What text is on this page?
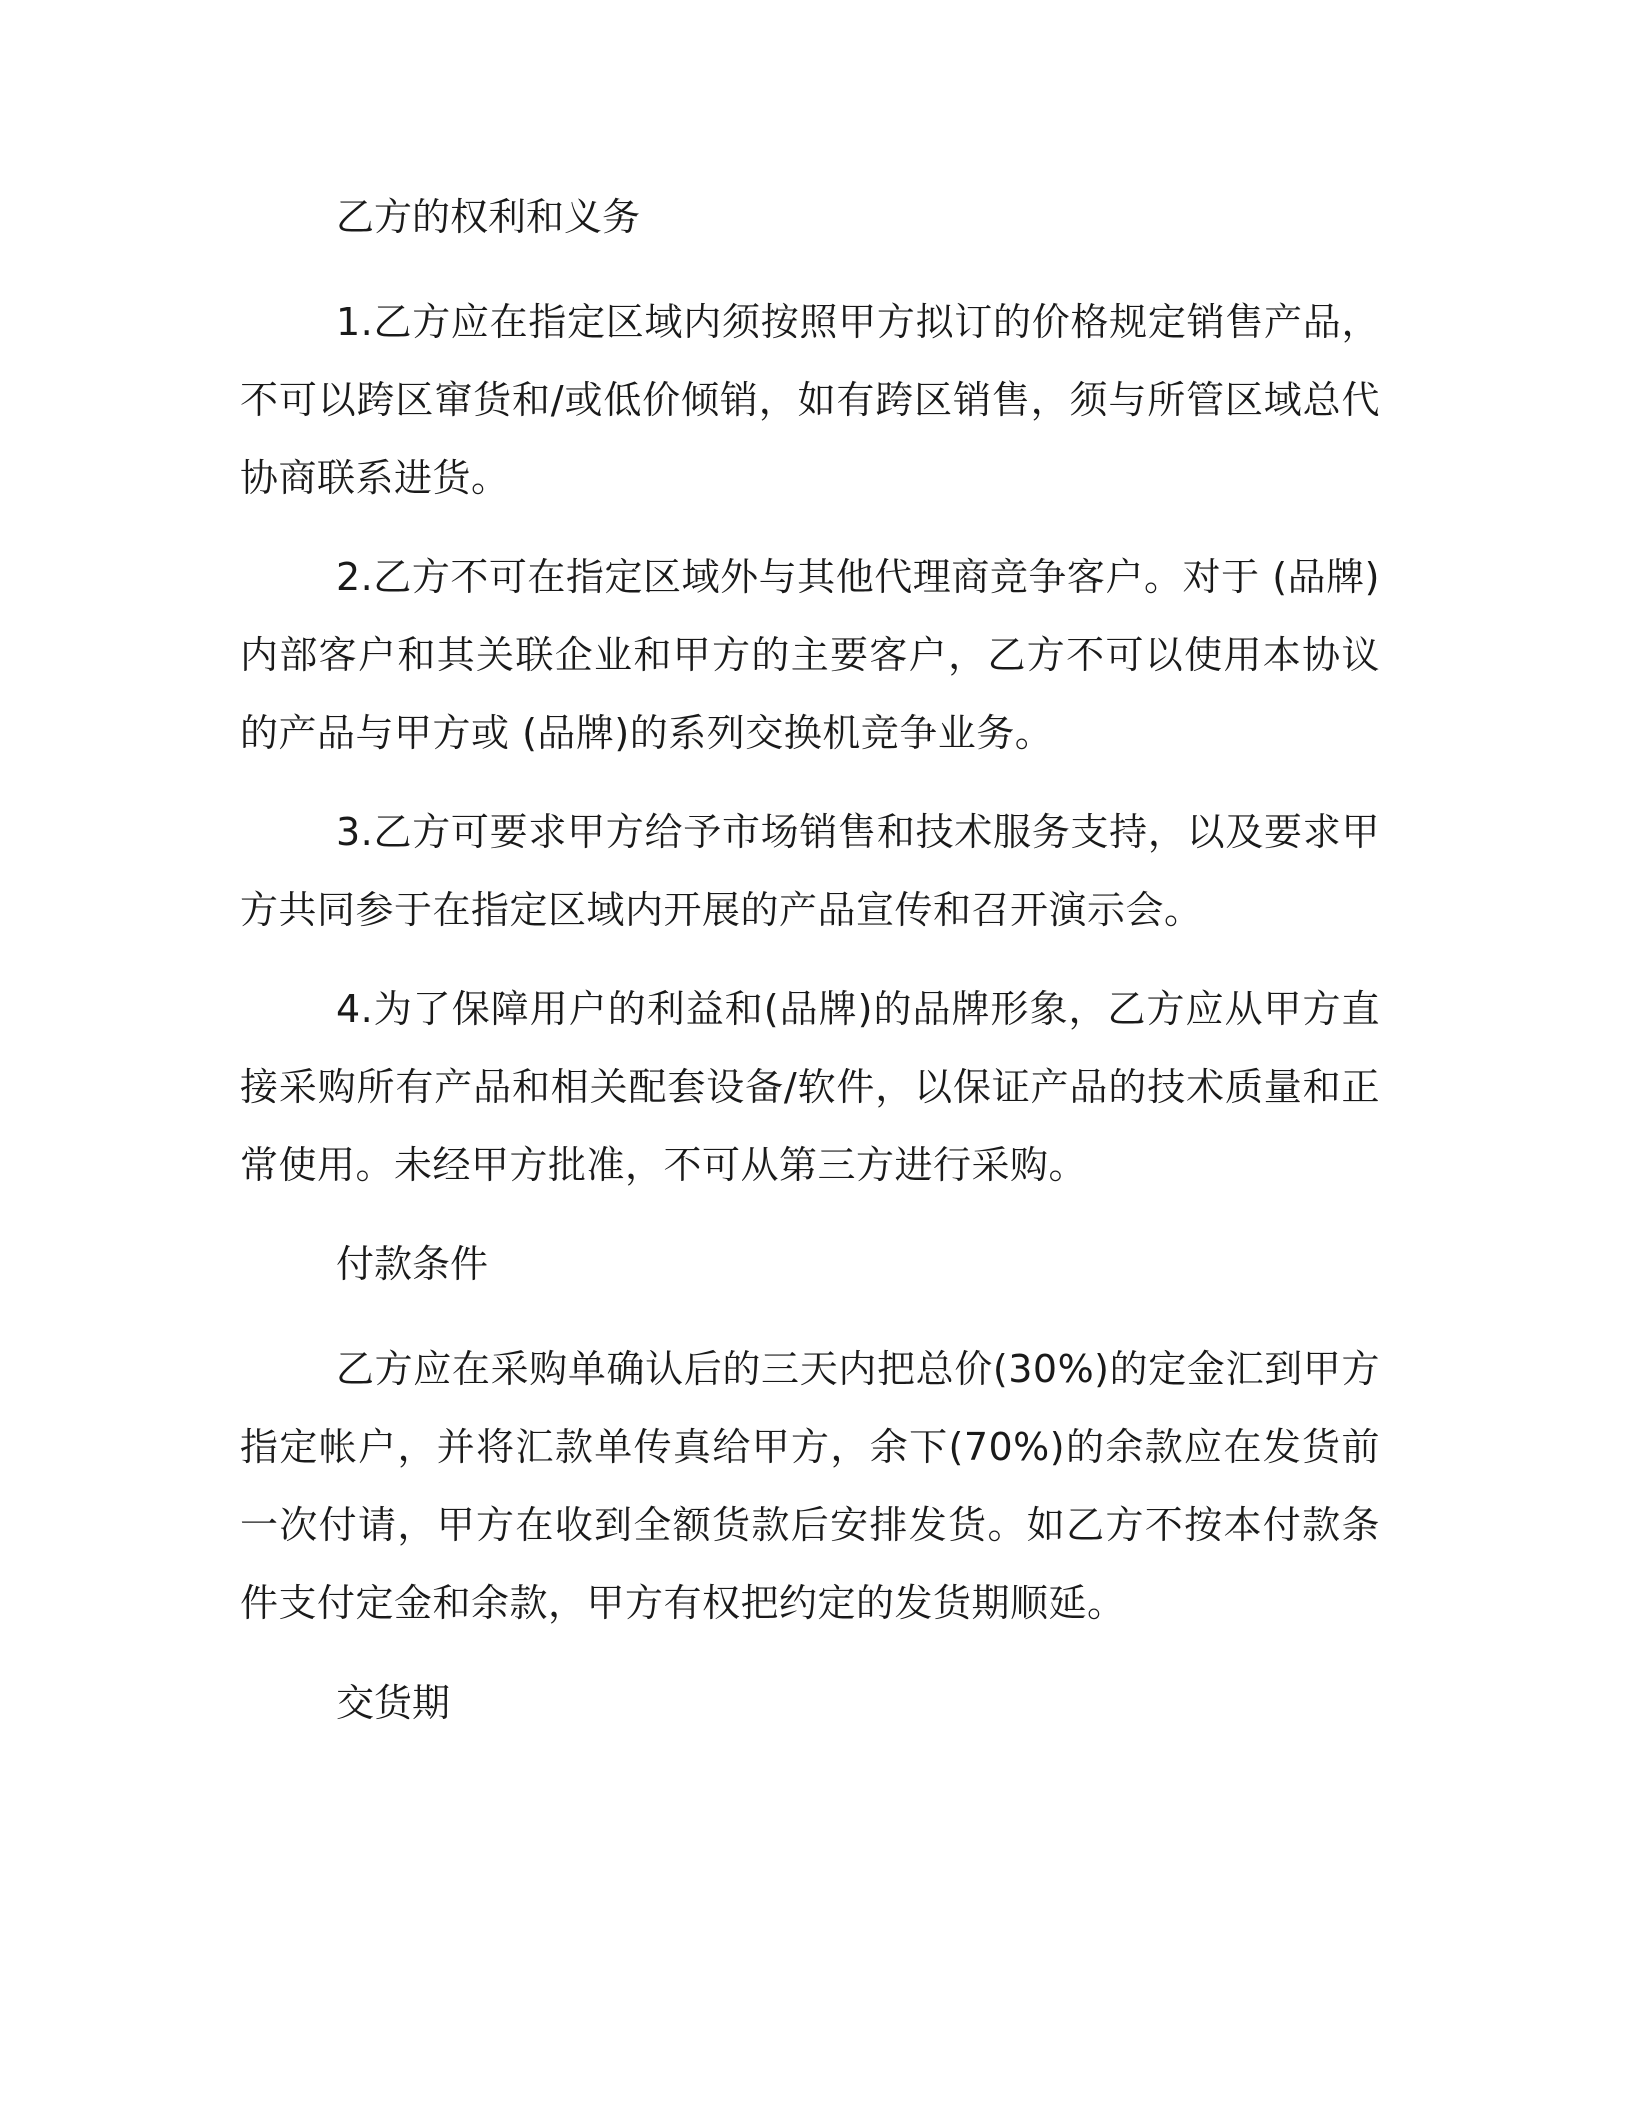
乙方的权利和义务

1.乙方应在指定区域内须按照甲方拟订的价格规定销售产品，不可以跨区窜货和/或低价倾销，如有跨区销售，须与所管区域总代协商联系进货。

2.乙方不可在指定区域外与其他代理商竞争客户。对于 (品牌)内部客户和其关联企业和甲方的主要客户，乙方不可以使用本协议的产品与甲方或 (品牌)的系列交换机竞争业务。

3.乙方可要求甲方给予市场销售和技术服务支持，以及要求甲方共同参于在指定区域内开展的产品宣传和召开演示会。

4.为了保障用户的利益和(品牌)的品牌形象，乙方应从甲方直接采购所有产品和相关配套设备/软件，以保证产品的技术质量和正常使用。未经甲方批准，不可从第三方进行采购。

付款条件

乙方应在采购单确认后的三天内把总价(30%)的定金汇到甲方指定帐户，并将汇款单传真给甲方，余下(70%)的余款应在发货前一次付请，甲方在收到全额货款后安排发货。如乙方不按本付款条件支付定金和余款，甲方有权把约定的发货期顺延。

交货期
